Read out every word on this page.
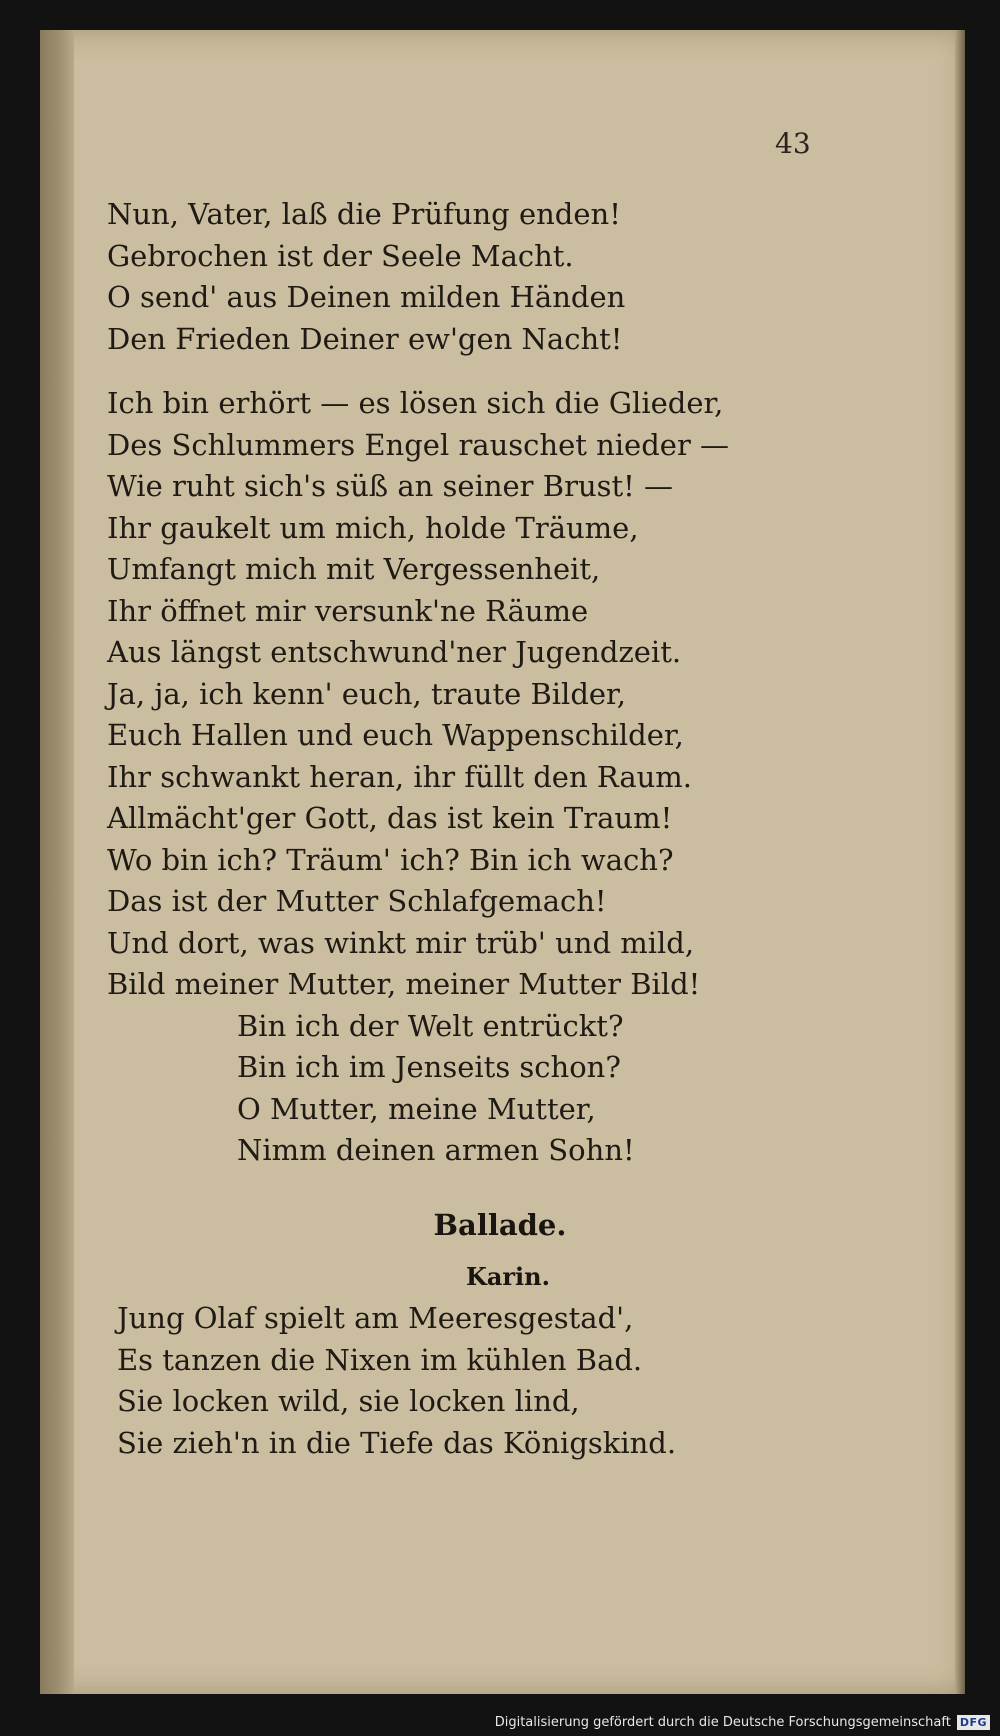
43
Nun, Vater, laß die Prüfung enden!
Gebrochen ist der Seele Macht.
O send' aus Deinen milden Händen
Den Frieden Deiner ew'gen Nacht!
Ich bin erhört — es lösen sich die Glieder,
Des Schlummers Engel rauschet nieder —
Wie ruht sich's süß an seiner Brust! —
Ihr gaukelt um mich, holde Träume,
Umfangt mich mit Vergessenheit,
Ihr öffnet mir versunk'ne Räume
Aus längst entschwund'ner Jugendzeit.
Ja, ja, ich kenn' euch, traute Bilder,
Euch Hallen und euch Wappenschilder,
Ihr schwankt heran, ihr füllt den Raum.
Allmächt'ger Gott, das ist kein Traum!
Wo bin ich? Träum' ich? Bin ich wach?
Das ist der Mutter Schlafgemach!
Und dort, was winkt mir trüb' und mild,
Bild meiner Mutter, meiner Mutter Bild!
Bin ich der Welt entrückt?
Bin ich im Jenseits schon?
O Mutter, meine Mutter,
Nimm deinen armen Sohn!
Ballade.
Karin.
Jung Olaf spielt am Meeresgestad',
Es tanzen die Nixen im kühlen Bad.
Sie locken wild, sie locken lind,
Sie zieh'n in die Tiefe das Königskind.
Digitalisierung gefördert durch die Deutsche Forschungsgemeinschaft DFG
